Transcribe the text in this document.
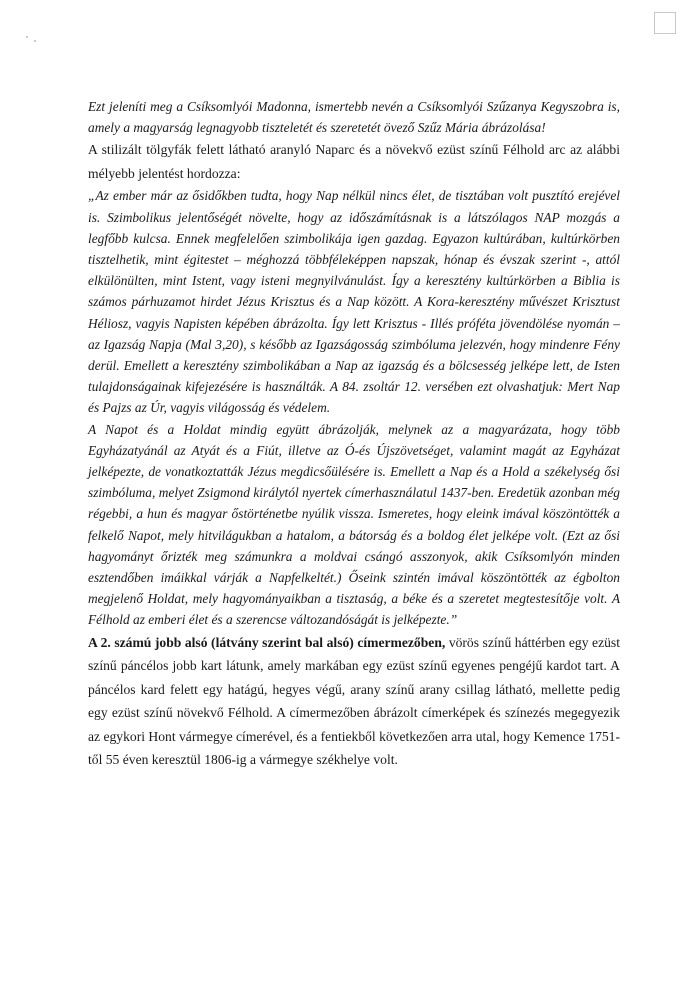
Ezt jeleníti meg a Csíksomlyói Madonna, ismertebb nevén a Csíksomlyói Szűzanya Kegyszobra is, amely a magyarság legnagyobb tiszteletét és szeretetét övező Szűz Mária ábrázolása!

A stilizált tölgyfák felett látható aranyló Naparc és a növekvő ezüst színű Félhold arc az alábbi mélyebb jelentést hordozza:

„Az ember már az ősidőkben tudta, hogy Nap nélkül nincs élet, de tisztában volt pusztító erejével is. Szimbolikus jelentőségét növelte, hogy az időszámításnak is a látszólagos NAP mozgás a legfőbb kulcsa. Ennek megfelelően szimbolikája igen gazdag. Egyazon kultúrában, kultúrkörben tisztelhetik, mint égitestet – méghozzá többféleképpen napszak, hónap és évszak szerint -, attól elkülönülten, mint Istent, vagy isteni megnyilvánulást. Így a keresztény kultúrkörben a Biblia is számos párhuzamot hirdet Jézus Krisztus és a Nap között. A Kora-keresztény művészet Krisztust Héliosz, vagyis Napisten képében ábrázolta. Így lett Krisztus - Illés próféta jövendölése nyomán – az Igazság Napja (Mal 3,20), s később az Igazságosság szimbóluma jelezvén, hogy mindenre Fény derül. Emellett a keresztény szimbolikában a Nap az igazság és a bölcsesség jelképe lett, de Isten tulajdonságainak kifejezésére is használták. A 84. zsoltár 12. versében ezt olvashatjuk: Mert Nap és Pajzs az Úr, vagyis világosság és védelem.

A Napot és a Holdat mindig együtt ábrázolják, melynek az a magyarázata, hogy több Egyházatyánál az Atyát és a Fiút, illetve az Ó-és Újszövetséget, valamint magát az Egyházat jelképezte, de vonatkoztatták Jézus megdicsőülésére is. Emellett a Nap és a Hold a székelység ősi szimbóluma, melyet Zsigmond királytól nyertek címerhasználatul 1437-ben. Eredetük azonban még régebbi, a hun és magyar őstörténetbe nyúlik vissza. Ismeretes, hogy eleink imával köszöntötték a felkelő Napot, mely hitvilágukban a hatalom, a bátorság és a boldog élet jelképe volt. (Ezt az ősi hagyományt őrizték meg számunkra a moldvai csángó asszonyok, akik Csíksomlyón minden esztendőben imáikkal várják a Napfelkeltét.) Őseink szintén imával köszöntötték az égbolton megjelenő Holdat, mely hagyományaikban a tisztaság, a béke és a szeretet megtestesítője volt. A Félhold az emberi élet és a szerencse változandóságát is jelképezte.”

A 2. számú jobb alsó (látvány szerint bal alsó) címermezőben, vörös színű háttérben egy ezüst színű páncélos jobb kart látunk, amely markában egy ezüst színű egyenes pengéjű kardot tart. A páncélos kard felett egy hatágú, hegyes végű, arany színű arany csillag látható, mellette pedig egy ezüst színű növekvő Félhold. A címermezőben ábrázolt címerképek és színezés megegyezik az egykori Hont vármegye címerével, és a fentiekből következően arra utal, hogy Kemence 1751-től 55 éven keresztül 1806-ig a vármegye székhelye volt.
